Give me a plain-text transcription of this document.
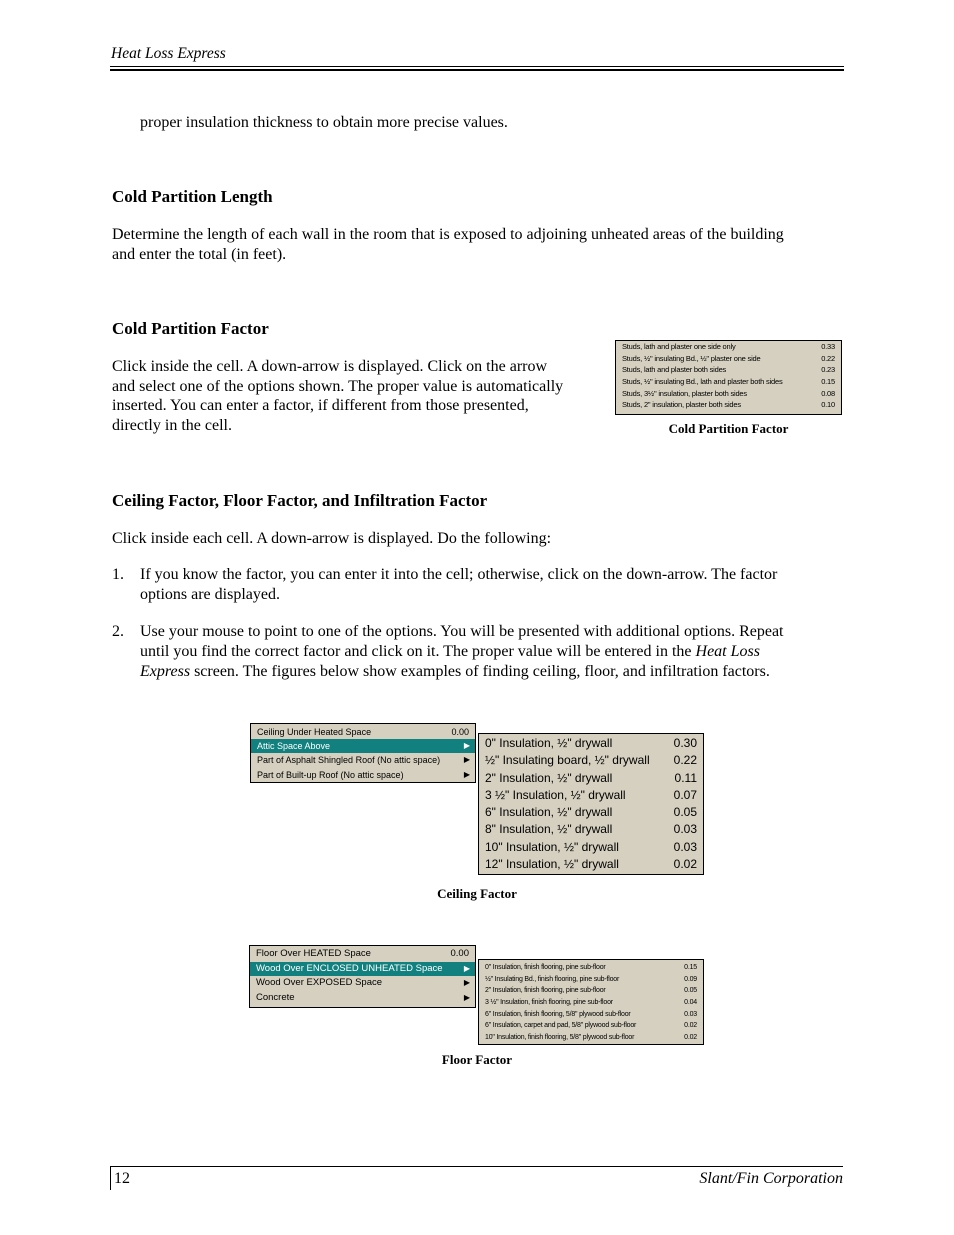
Heat Loss Express
proper insulation thickness to obtain more precise values.
Cold Partition Length
Determine the length of each wall in the room that is exposed to adjoining unheated areas of the building
and enter the total (in feet).
Cold Partition Factor
Click inside the cell. A down-arrow is displayed. Click on the arrow
and select one of the options shown. The proper value is automatically
inserted. You can enter a factor, if different from those presented,
directly in the cell.
Studs, lath and plaster one side only	0.33
Studs, ½" insulating Bd., ½" plaster one side	0.22
Studs, lath and plaster both sides	0.23
Studs, ½" insulating Bd., lath and plaster both sides	0.15
Studs, 3½" insulation, plaster both sides	0.08
Studs, 2" insulation, plaster both sides	0.10
Cold Partition Factor
Ceiling Factor, Floor Factor, and Infiltration Factor
Click inside each cell. A down-arrow is displayed. Do the following:
1. If you know the factor, you can enter it into the cell; otherwise, click on the down-arrow. The factor
options are displayed.
2. Use your mouse to point to one of the options. You will be presented with additional options. Repeat
until you find the correct factor and click on it. The proper value will be entered in the Heat Loss
Express screen. The figures below show examples of finding ceiling, floor, and infiltration factors.
Ceiling Under Heated Space	0.00
Attic Space Above	▶
Part of Asphalt Shingled Roof (No attic space)	▶
Part of Built-up Roof (No attic space)	▶
0" Insulation, ½" drywall	0.30
½" Insulating board, ½" drywall 0.22
2" Insulation, ½" drywall	0.11
3 ½" Insulation, ½" drywall	0.07
6" Insulation, ½" drywall	0.05
8" Insulation, ½" drywall	0.03
10" Insulation, ½" drywall	0.03
12" Insulation, ½" drywall	0.02
Ceiling Factor
Floor Over HEATED Space	0.00
Wood Over ENCLOSED UNHEATED Space	▶
Wood Over EXPOSED Space	▶
Concrete	▶
0" Insulation, finish flooring, pine sub-floor	0.15
½" Insulating Bd., finish flooring, pine sub-floor	0.09
2" Insulation, finish flooring, pine sub-floor	0.05
3 ½" Insulation, finish flooring, pine sub-floor	0.04
6" Insulation, finish flooring, 5/8" plywood sub-floor	0.03
6" Insulation, carpet and pad, 5/8" plywood sub-floor	0.02
10" Insulation, finish flooring, 5/8" plywood sub-floor	0.02
Floor Factor
12	Slant/Fin Corporation
